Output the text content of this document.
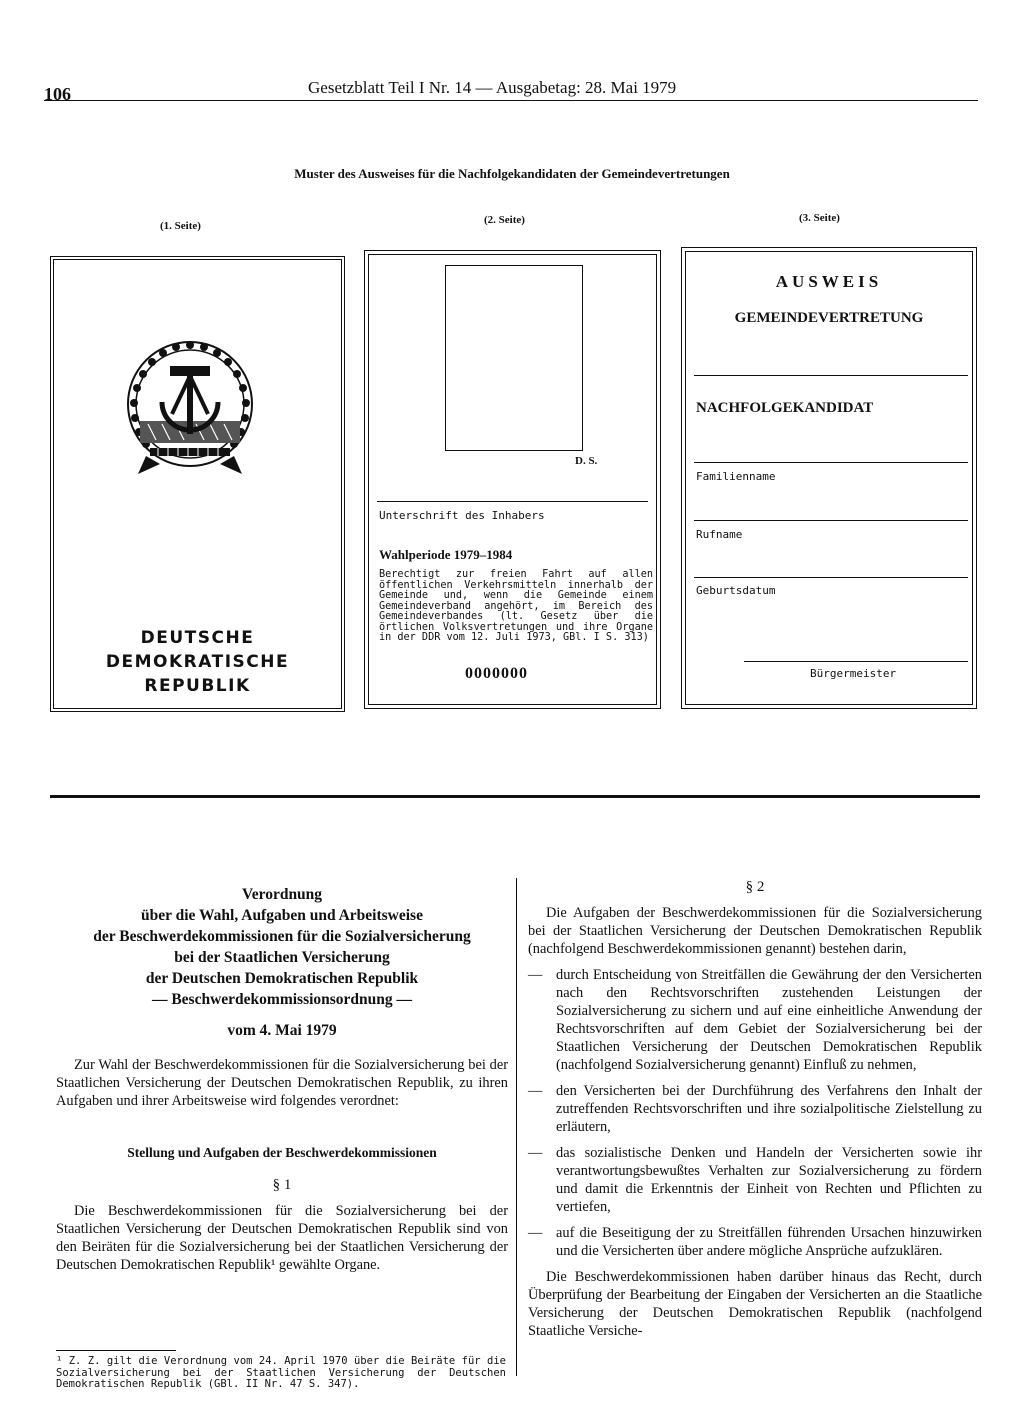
106	Gesetzblatt Teil I Nr. 14 — Ausgabetag: 28. Mai 1979
Muster des Ausweises für die Nachfolgekandidaten der Gemeindevertretungen
(1. Seite)	(2. Seite)	(3. Seite)
DEUTSCHE
DEMOKRATISCHE REPUBLIK
D. S.
Unterschrift des Inhabers
Wahlperiode 1979–1984
Berechtigt zur freien Fahrt auf allen öffentlichen Verkehrsmitteln innerhalb der Gemeinde und, wenn die Gemeinde einem Gemeindeverband angehört, im Bereich des Gemeindeverbandes (lt. Gesetz über die örtlichen Volksvertretungen und ihre Organe in der DDR vom 12. Juli 1973, GBl. I S. 313)
0000000
AUSWEIS
GEMEINDEVERTRETUNG
NACHFOLGEKANDIDAT
Familienname
Rufname
Geburtsdatum
Bürgermeister
Verordnung
über die Wahl, Aufgaben und Arbeitsweise
der Beschwerdekommissionen für die Sozialversicherung
bei der Staatlichen Versicherung
der Deutschen Demokratischen Republik
— Beschwerdekommissionsordnung —
vom 4. Mai 1979

Zur Wahl der Beschwerdekommissionen für die Sozialversicherung bei der Staatlichen Versicherung der Deutschen Demokratischen Republik, zu ihren Aufgaben und ihrer Arbeitsweise wird folgendes verordnet:

Stellung und Aufgaben der Beschwerdekommissionen
§ 1

Die Beschwerdekommissionen für die Sozialversicherung bei der Staatlichen Versicherung der Deutschen Demokratischen Republik sind von den Beiräten für die Sozialversicherung bei der Staatlichen Versicherung der Deutschen Demokratischen Republik¹ gewählte Organe.

¹ Z. Z. gilt die Verordnung vom 24. April 1970 über die Beiräte für die Sozialversicherung bei der Staatlichen Versicherung der Deutschen Demokratischen Republik (GBl. II Nr. 47 S. 347).
§ 2

Die Aufgaben der Beschwerdekommissionen für die Sozialversicherung bei der Staatlichen Versicherung der Deutschen Demokratischen Republik (nachfolgend Beschwerdekommissionen genannt) bestehen darin,

— durch Entscheidung von Streitfällen die Gewährung der den Versicherten nach den Rechtsvorschriften zustehenden Leistungen der Sozialversicherung zu sichern und auf eine einheitliche Anwendung der Rechtsvorschriften auf dem Gebiet der Sozialversicherung bei der Staatlichen Versicherung der Deutschen Demokratischen Republik (nachfolgend Sozialversicherung genannt) Einfluß zu nehmen,
— den Versicherten bei der Durchführung des Verfahrens den Inhalt der zutreffenden Rechtsvorschriften und ihre sozialpolitische Zielstellung zu erläutern,
— das sozialistische Denken und Handeln der Versicherten sowie ihr verantwortungsbewußtes Verhalten zur Sozialversicherung zu fördern und damit die Erkenntnis der Einheit von Rechten und Pflichten zu vertiefen,
— auf die Beseitigung der zu Streitfällen führenden Ursachen hinzuwirken und die Versicherten über andere mögliche Ansprüche aufzuklären.

Die Beschwerdekommissionen haben darüber hinaus das Recht, durch Überprüfung der Bearbeitung der Eingaben der Versicherten an die Staatliche Versicherung der Deutschen Demokratischen Republik (nachfolgend Staatliche Versiche-
